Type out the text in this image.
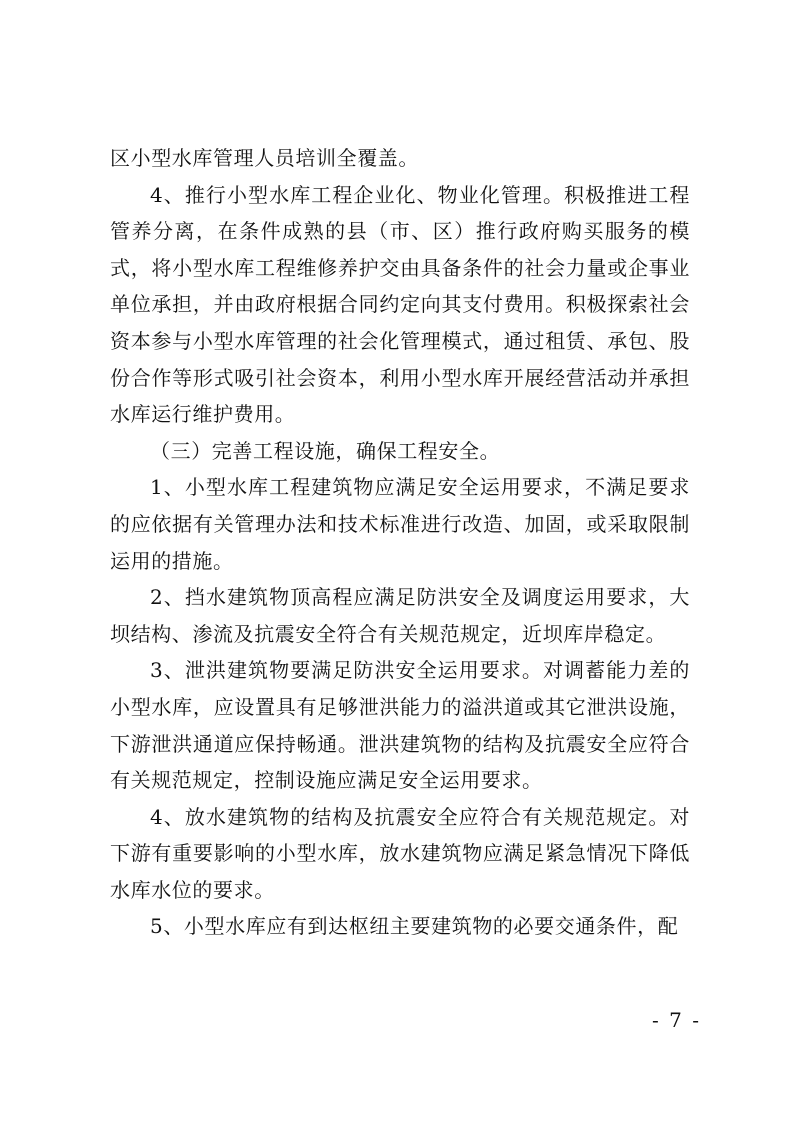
区小型水库管理人员培训全覆盖。

4、推行小型水库工程企业化、物业化管理。积极推进工程管养分离，在条件成熟的县（市、区）推行政府购买服务的模式，将小型水库工程维修养护交由具备条件的社会力量或企事业单位承担，并由政府根据合同约定向其支付费用。积极探索社会资本参与小型水库管理的社会化管理模式，通过租赁、承包、股份合作等形式吸引社会资本，利用小型水库开展经营活动并承担水库运行维护费用。

（三）完善工程设施，确保工程安全。

1、小型水库工程建筑物应满足安全运用要求，不满足要求的应依据有关管理办法和技术标准进行改造、加固，或采取限制运用的措施。

2、挡水建筑物顶高程应满足防洪安全及调度运用要求，大坝结构、渗流及抗震安全符合有关规范规定，近坝库岸稳定。

3、泄洪建筑物要满足防洪安全运用要求。对调蓄能力差的小型水库，应设置具有足够泄洪能力的溢洪道或其它泄洪设施，下游泄洪通道应保持畅通。泄洪建筑物的结构及抗震安全应符合有关规范规定，控制设施应满足安全运用要求。

4、放水建筑物的结构及抗震安全应符合有关规范规定。对下游有重要影响的小型水库，放水建筑物应满足紧急情况下降低水库水位的要求。

5、小型水库应有到达枢纽主要建筑物的必要交通条件，配

- 7 -
